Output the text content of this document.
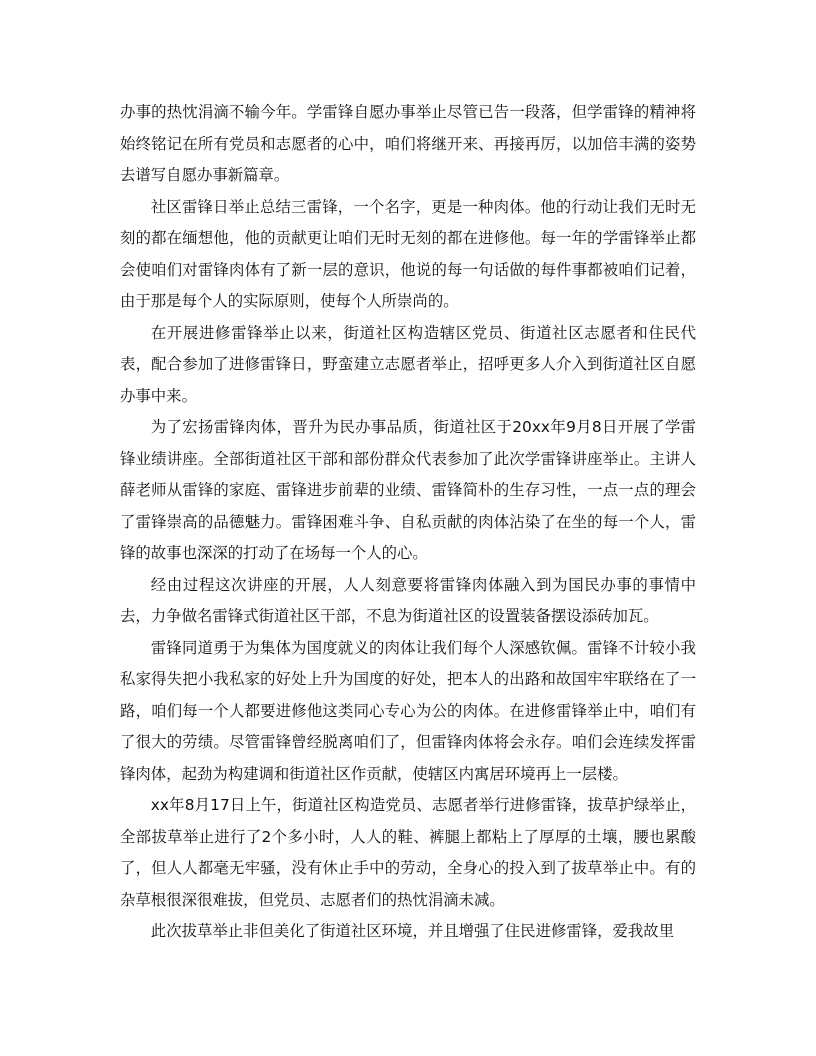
办事的热忱涓滴不输今年。学雷锋自愿办事举止尽管已告一段落，但学雷锋的精神将始终铭记在所有党员和志愿者的心中，咱们将继开来、再接再厉，以加倍丰满的姿势去谱写自愿办事新篇章。

社区雷锋日举止总结三雷锋，一个名字，更是一种肉体。他的行动让我们无时无刻的都在缅想他，他的贡献更让咱们无时无刻的都在进修他。每一年的学雷锋举止都会使咱们对雷锋肉体有了新一层的意识，他说的每一句话做的每件事都被咱们记着，由于那是每个人的实际原则，使每个人所崇尚的。

在开展进修雷锋举止以来，街道社区构造辖区党员、街道社区志愿者和住民代表，配合参加了进修雷锋日，野蛮建立志愿者举止，招呼更多人介入到街道社区自愿办事中来。

为了宏扬雷锋肉体，晋升为民办事品质，街道社区于20xx年9月8日开展了学雷锋业绩讲座。全部街道社区干部和部份群众代表参加了此次学雷锋讲座举止。主讲人薛老师从雷锋的家庭、雷锋进步前辈的业绩、雷锋简朴的生存习性，一点一点的理会了雷锋崇高的品德魅力。雷锋困难斗争、自私贡献的肉体沾染了在坐的每一个人，雷锋的故事也深深的打动了在场每一个人的心。

经由过程这次讲座的开展，人人刻意要将雷锋肉体融入到为国民办事的事情中去，力争做名雷锋式街道社区干部，不息为街道社区的设置装备摆设添砖加瓦。

雷锋同道勇于为集体为国度就义的肉体让我们每个人深感钦佩。雷锋不计较小我私家得失把小我私家的好处上升为国度的好处，把本人的出路和故国牢牢联络在了一路，咱们每一个人都要进修他这类同心专心为公的肉体。在进修雷锋举止中，咱们有了很大的劳绩。尽管雷锋曾经脱离咱们了，但雷锋肉体将会永存。咱们会连续发挥雷锋肉体，起劲为构建调和街道社区作贡献，使辖区内寓居环境再上一层楼。

xx年8月17日上午，街道社区构造党员、志愿者举行进修雷锋，拔草护绿举止，全部拔草举止进行了2个多小时，人人的鞋、裤腿上都粘上了厚厚的土壤，腰也累酸了，但人人都毫无牢骚，没有休止手中的劳动，全身心的投入到了拔草举止中。有的杂草根很深很难拔，但党员、志愿者们的热忱涓滴未减。

此次拔草举止非但美化了街道社区环境，并且增强了住民进修雷锋，爱我故里
